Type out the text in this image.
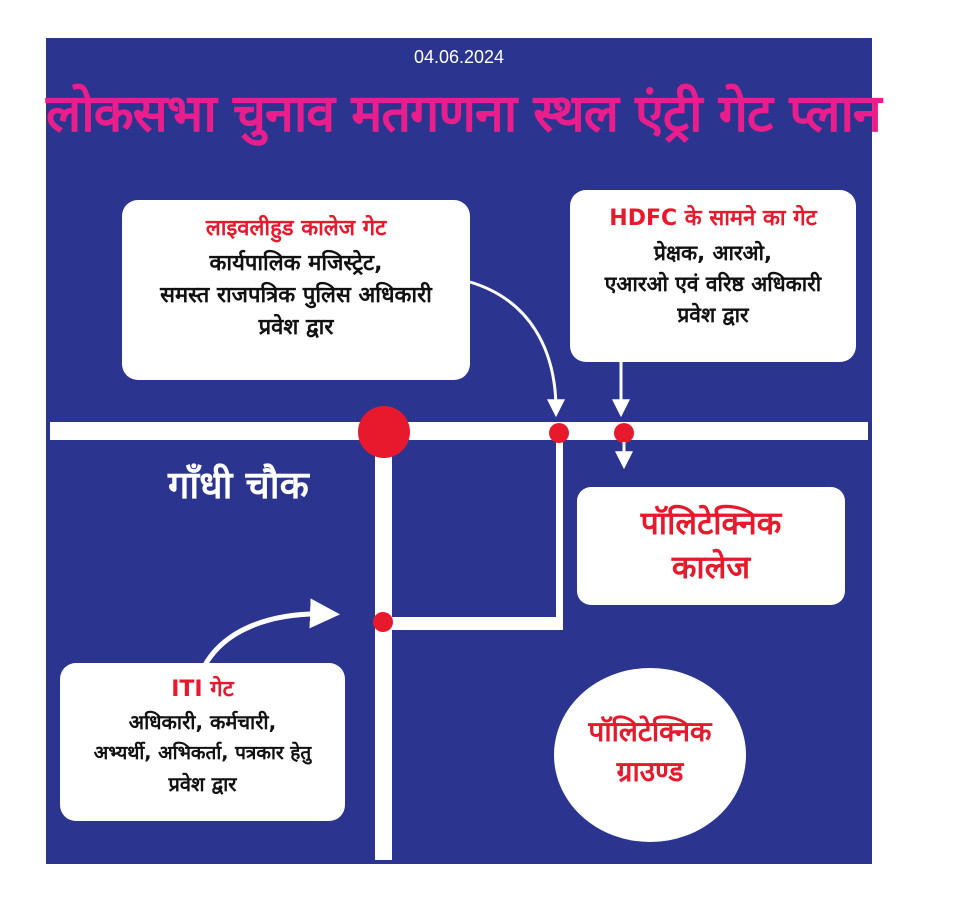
04.06.2024
लोकसभा चुनाव मतगणना स्थल एंट्री गेट प्लान
लाइवलीहुड कालेज गेट
कार्यपालिक मजिस्ट्रेट,
समस्त राजपत्रिक पुलिस अधिकारी
प्रवेश द्वार
HDFC के सामने का गेट
प्रेक्षक, आरओ,
एआरओ एवं वरिष्ठ अधिकारी
प्रवेश द्वार
गाँधी चौक
पॉलिटेक्निक
कालेज
ITI गेट
अधिकारी, कर्मचारी,
अभ्यर्थी, अभिकर्ता, पत्रकार हेतु
प्रवेश द्वार
पॉलिटेक्निक
ग्राउण्ड
